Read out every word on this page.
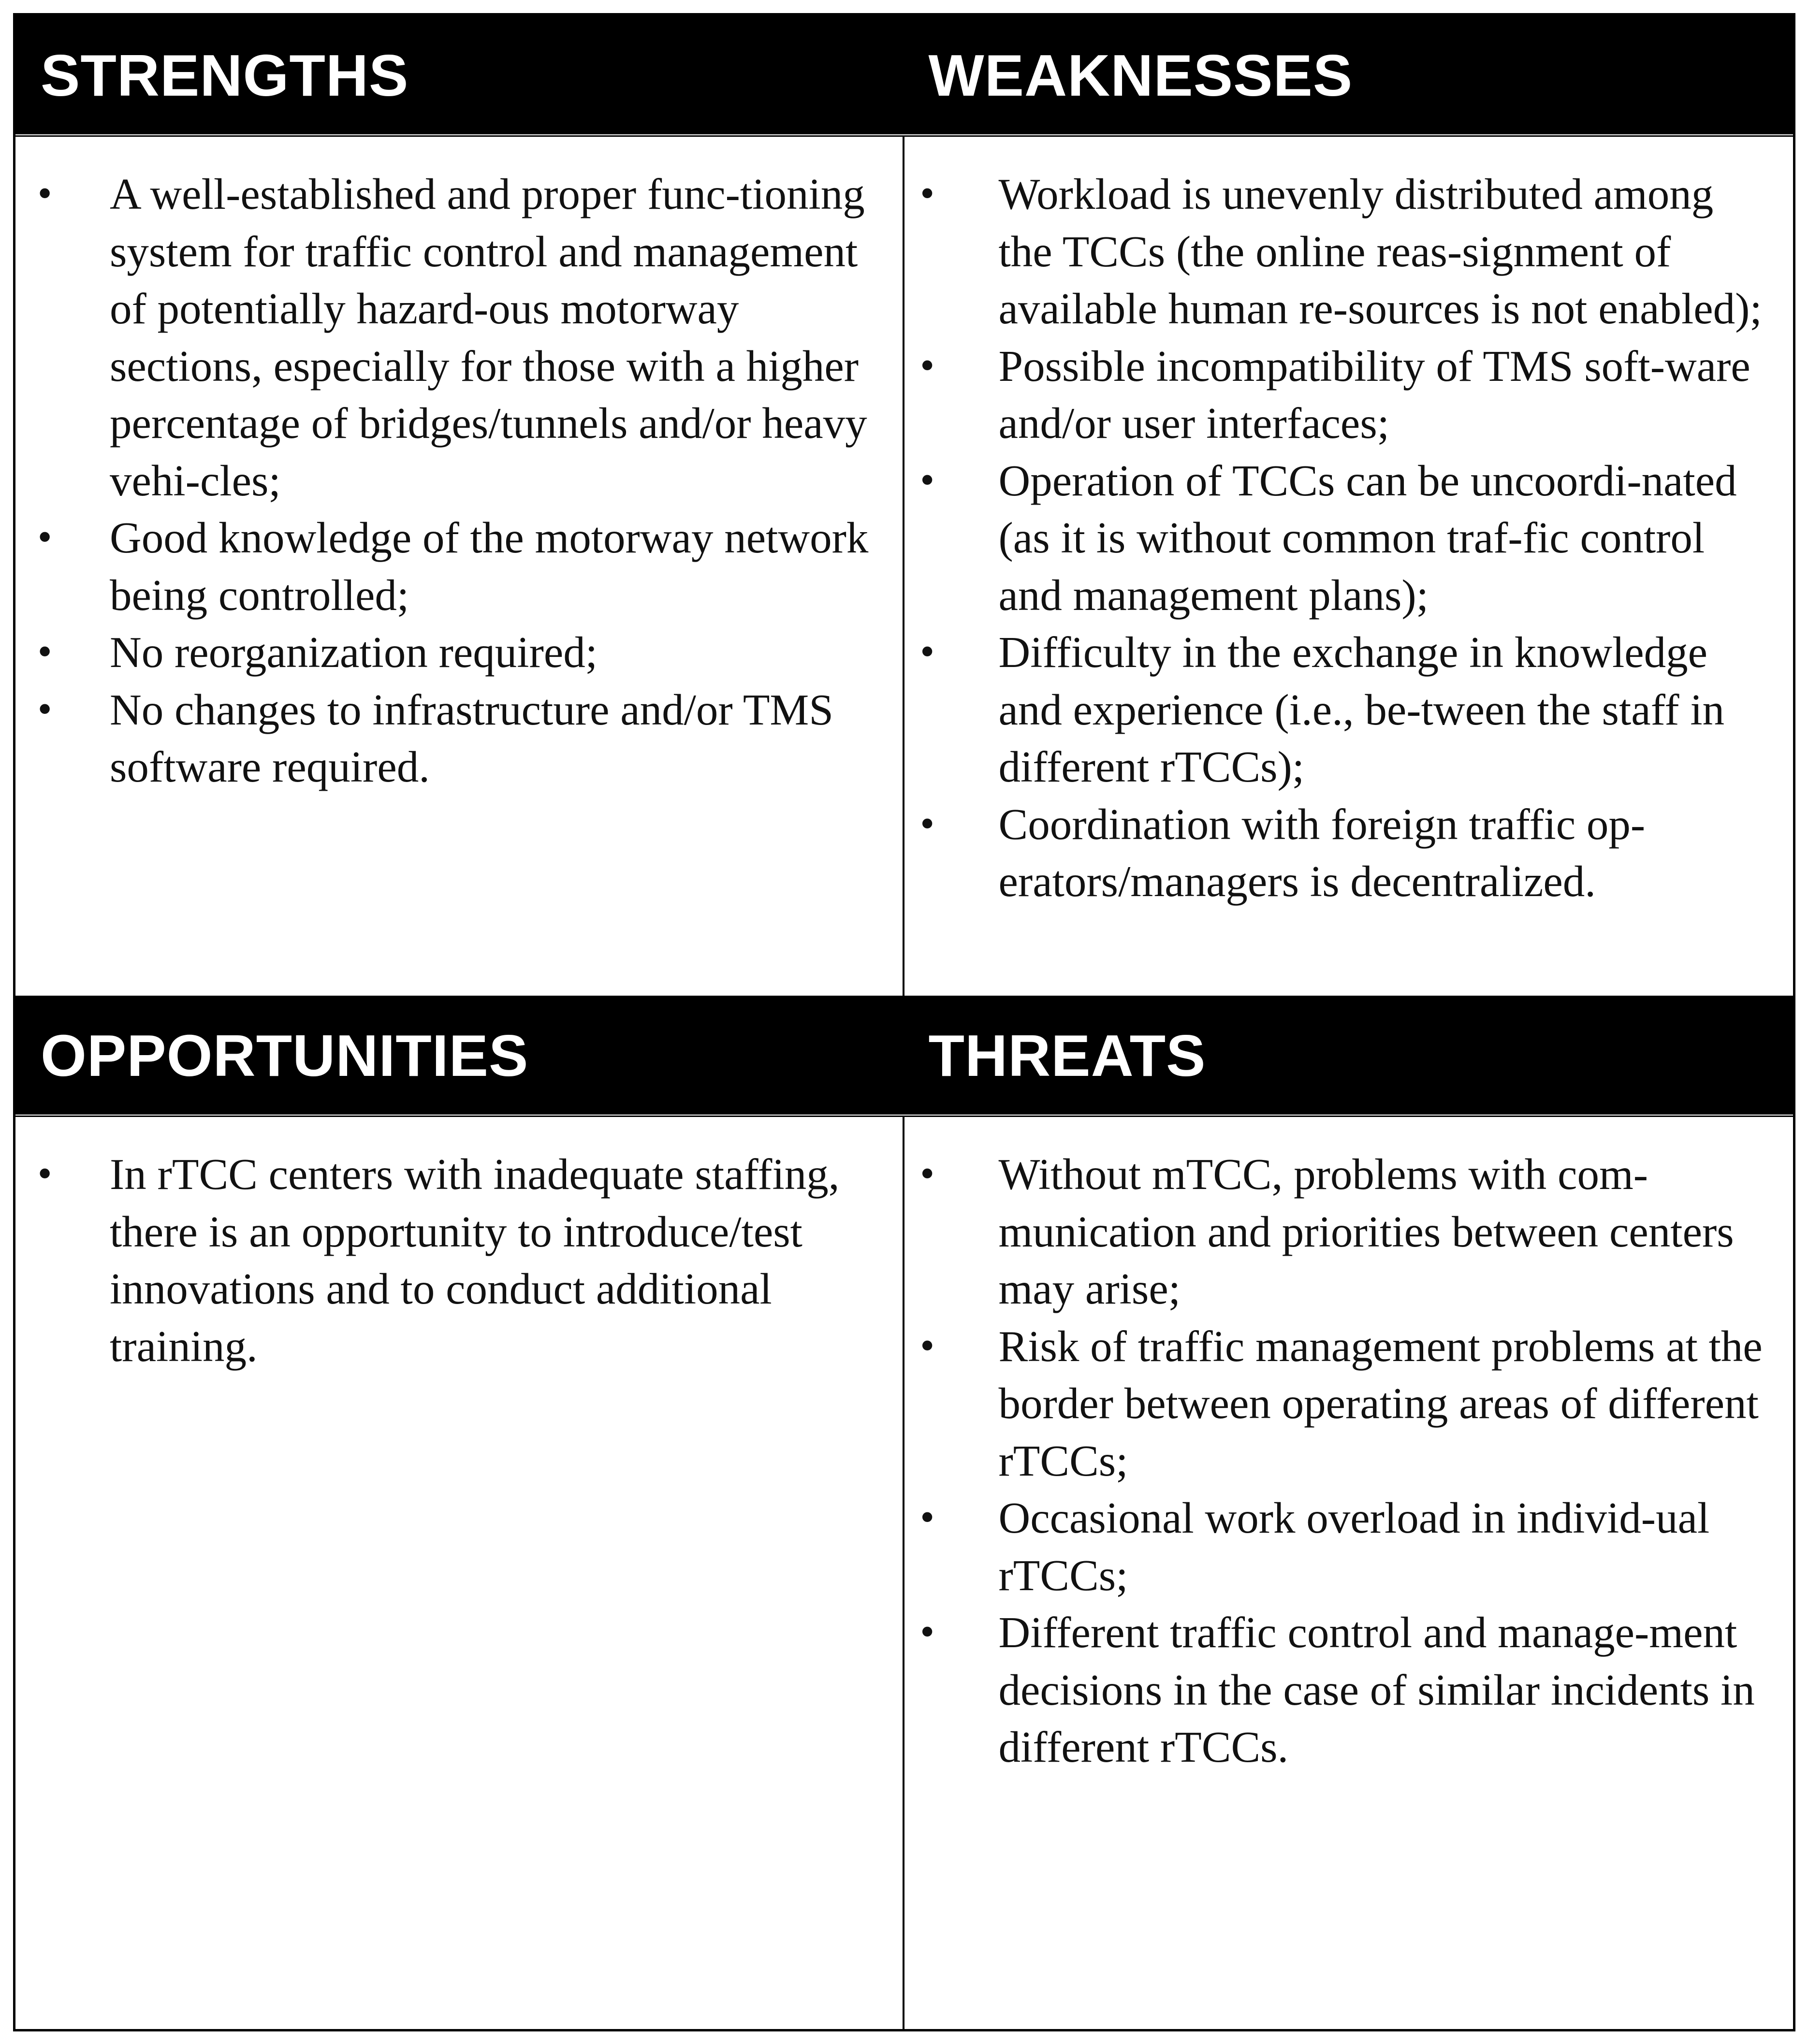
STRENGTHS	WEAKNESSES
• A well-established and proper func-tioning system for traffic control and management of potentially hazard-ous motorway sections, especially for those with a higher percentage of bridges/tunnels and/or heavy vehi-cles;
• Good knowledge of the motorway network being controlled;
• No reorganization required;
• No changes to infrastructure and/or TMS software required.
• Workload is unevenly distributed among the TCCs (the online reas-signment of available human re-sources is not enabled);
• Possible incompatibility of TMS soft-ware and/or user interfaces;
• Operation of TCCs can be uncoordi-nated (as it is without common traf-fic control and management plans);
• Difficulty in the exchange in knowledge and experience (i.e., be-tween the staff in different rTCCs);
• Coordination with foreign traffic op-erators/managers is decentralized.
OPPORTUNITIES	THREATS
• In rTCC centers with inadequate staffing, there is an opportunity to introduce/test innovations and to conduct additional training.
• Without mTCC, problems with com-munication and priorities between centers may arise;
• Risk of traffic management problems at the border between operating areas of different rTCCs;
• Occasional work overload in individ-ual rTCCs;
• Different traffic control and manage-ment decisions in the case of similar incidents in different rTCCs.
